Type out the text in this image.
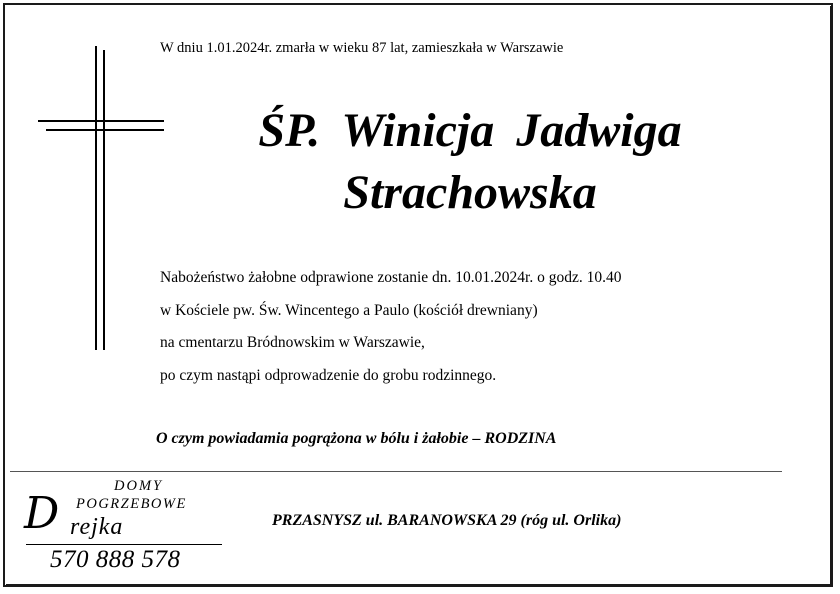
W dniu 1.01.2024r. zmarła w wieku 87 lat, zamieszkała w Warszawie
ŚP. Winicja Jadwiga
Strachowska
Nabożeństwo żałobne odprawione zostanie dn. 10.01.2024r. o godz. 10.40
w Kościele pw. Św. Wincentego a Paulo (kościół drewniany)
na cmentarzu Bródnowskim w Warszawie,
po czym nastąpi odprowadzenie do grobu rodzinnego.
O czym powiadamia pogrążona w bólu i żałobie – RODZINA
DOMY
POGRZEBOWE
D rejka
570 888 578
PRZASNYSZ ul. BARANOWSKA 29 (róg ul. Orlika)
